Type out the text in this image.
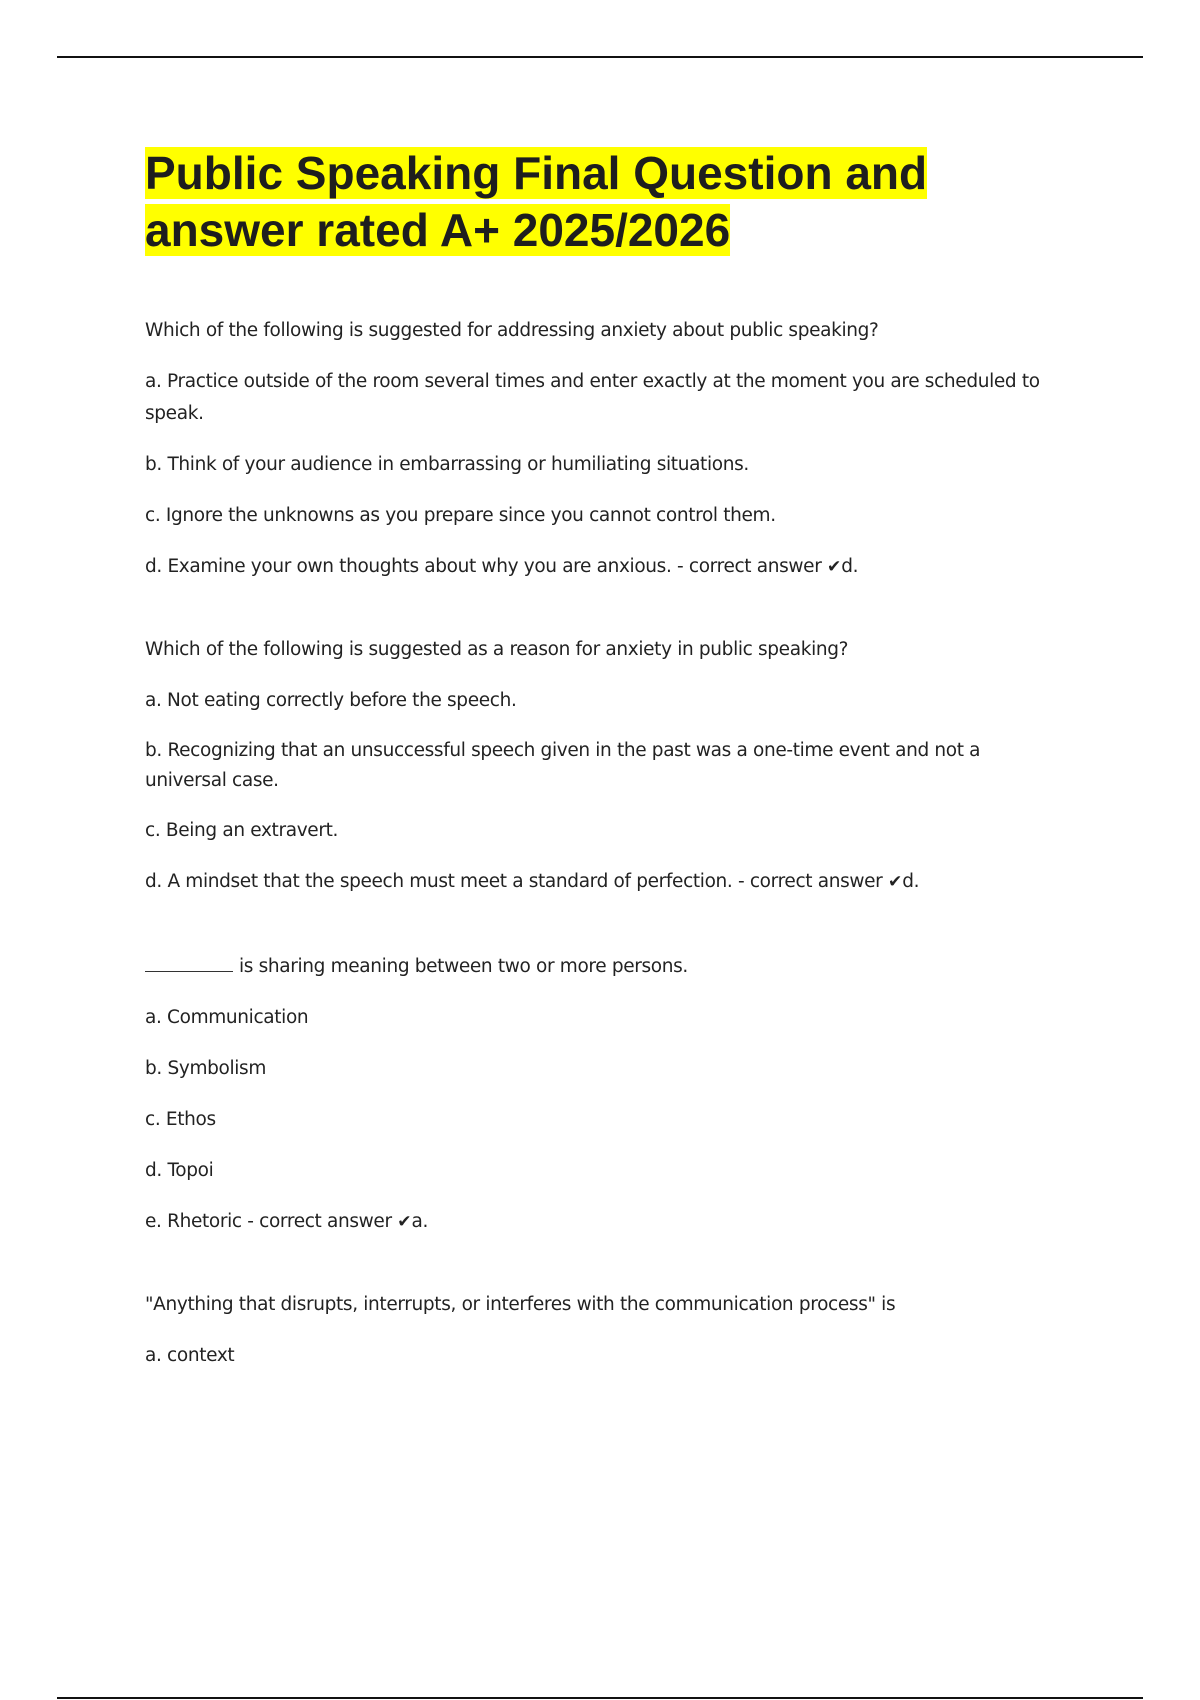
Public Speaking Final Question and
answer rated A+ 2025/2026

Which of the following is suggested for addressing anxiety about public speaking?

a. Practice outside of the room several times and enter exactly at the moment you are scheduled to speak.

b. Think of your audience in embarrassing or humiliating situations.

c. Ignore the unknowns as you prepare since you cannot control them.

d. Examine your own thoughts about why you are anxious. - correct answer ✔d.

Which of the following is suggested as a reason for anxiety in public speaking?

a. Not eating correctly before the speech.

b. Recognizing that an unsuccessful speech given in the past was a one-time event and not a universal case.

c. Being an extravert.

d. A mindset that the speech must meet a standard of perfection. - correct answer ✔d.

is sharing meaning between two or more persons.

a. Communication

b. Symbolism

c. Ethos

d. Topoi

e. Rhetoric - correct answer ✔a.

"Anything that disrupts, interrupts, or interferes with the communication process" is

a. context
